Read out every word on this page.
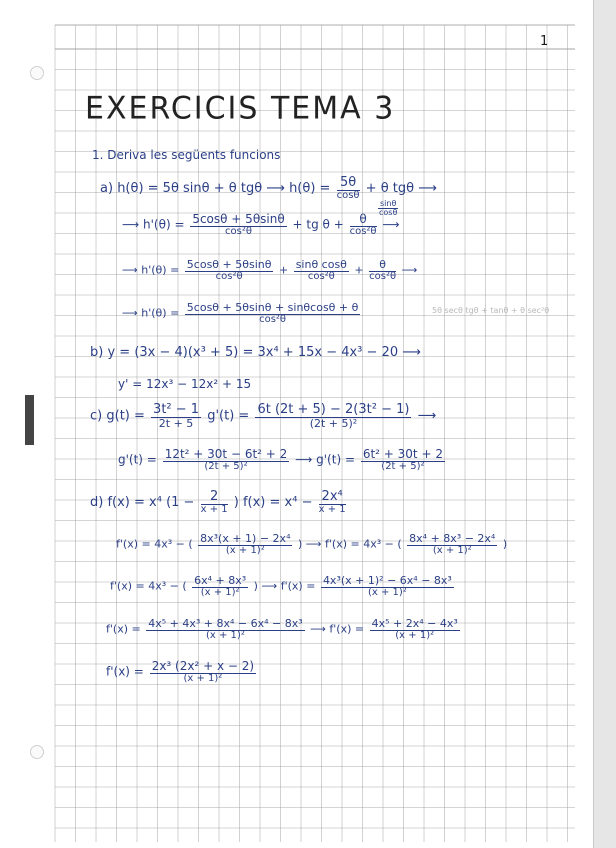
1
EXERCICIS TEMA 3
1. Deriva les següents funcions
a) h(θ) = 5θ sinθ + θ tgθ ⟶ h(θ) = 5θ
cosθ + θ tgθ ⟶
⟶ h'(θ) = 5cosθ + 5θsinθ
cos²θ	+ tg θ +	θ
cos²θ ⟶
$\frac{\sin\theta}{\cos\theta}$
⟶ $h'(\theta) = \frac{5\cos\theta + 5\theta\sin\theta}{\text{cos²θ}} + \frac{\text{sinθ cosθ}}{\text{cos²θ}} + \frac{\theta}{\text{cos²θ}}$ ⟶
⟶ $h'(\theta) = \frac{5\cos\theta + 5\theta\sin\theta + \sin\theta\cos\theta + \theta}{\text{cos²θ}}$	5θ secθ tgθ + tanθ + θ sec²θ
b) y = (3x − 4)(x³ + 5) = 3x⁴ + 15x − 4x³ − 20 ⟶
y' = 12x³ − 12x² + 15
c) g(t) = 3t² − 1
2t + 5	g'(t) = 6t (2t + 5) − 2(3t² − 1)
(2t + 5)²	⟶
g'(t) = 12t² + 30t − 6t² + 2
(2t + 5)²	⟶ g'(t) = 6t² + 30t + 2
(2t + 5)²
d) f(x) = x⁴ (1 −	2
x + 1 ) f(x) = x⁴ − 2x⁴
x + 1
f'(x) = 4x³ − ( $\frac{\text{8x³(x + 1) − 2x⁴}}{\text{(x + 1)²}}$ ) ⟶ f'(x) = 4x³ − ( $\frac{\text{8x⁴ + 8x³ − 2x⁴}}{\text{(x + 1)²}}$ )
f'(x) = 4x³ − ( $\frac{\text{6x⁴ + 8x³}}{\text{(x + 1)²}}$ ) ⟶ $f'(x) = \frac{\text{4x³(x + 1)² − 6x⁴ − 8x³}}{\text{(x + 1)²}}$
$f'(x) = \frac{\text{4x⁵ + 4x³ + 8x⁴ − 6x⁴ − 8x³}}{\text{(x + 1)²}}$ ⟶ $f'(x) = \frac{\text{4x⁵ + 2x⁴ − 4x³}}{\text{(x + 1)²}}$
f'(x) = 2x³ (2x² + x − 2)
(x + 1)²
